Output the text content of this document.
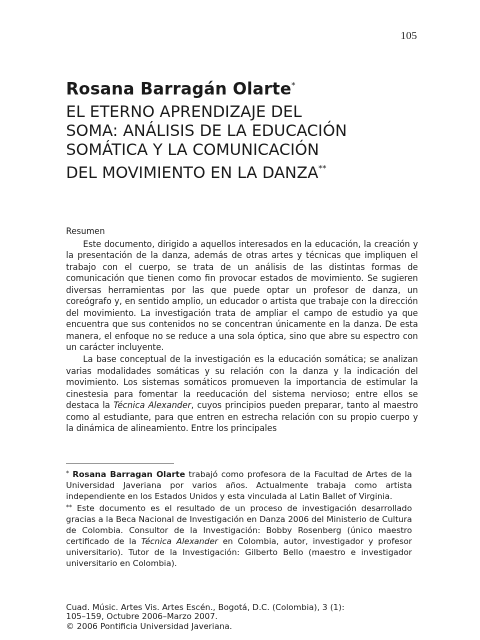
105
Rosana Barragán Olarte*
EL ETERNO APRENDIZAJE DEL
SOMA: ANÁLISIS DE LA EDUCACIÓN
SOMÁTICA Y LA COMUNICACIÓN
DEL MOVIMIENTO EN LA DANZA**
Resumen

Este documento, dirigido a aquellos interesados en la educación, la creación y la presentación de la danza, además de otras artes y técnicas que impliquen el trabajo con el cuerpo, se trata de un análisis de las distintas formas de comunicación que tienen como fin provocar estados de movimiento. Se sugieren diversas herramientas por las que puede optar un profesor de danza, un coreógrafo y, en sentido amplio, un educador o artista que trabaje con la dirección del movimiento. La investigación trata de ampliar el campo de estudio ya que encuentra que sus contenidos no se concentran únicamente en la danza. De esta manera, el enfoque no se reduce a una sola óptica, sino que abre su espectro con un carácter incluyente.

La base conceptual de la investigación es la educación somática; se analizan varias modalidades somáticas y su relación con la danza y la indicación del movimiento. Los sistemas somáticos promueven la importancia de estimular la cinestesia para fomentar la reeducación del sistema nervioso; entre ellos se destaca la Técnica Alexander, cuyos principios pueden preparar, tanto al maestro como al estudiante, para que entren en estrecha relación con su propio cuerpo y la dinámica de alineamiento. Entre los principales

* Rosana Barragan Olarte trabajó como profesora de la Facultad de Artes de la Universidad Javeriana por varios años. Actualmente trabaja como artista independiente en los Estados Unidos y esta vinculada al Latin Ballet of Virginia.

** Este documento es el resultado de un proceso de investigación desarrollado gracias a la Beca Nacional de Investigación en Danza 2006 del Ministerio de Cultura de Colombia. Consultor de la Investigación: Bobby Rosenberg (único maestro certificado de la Técnica Alexander en Colombia, autor, investigador y profesor universitario). Tutor de la Investigación: Gilberto Bello (maestro e investigador universitario en Colombia).

Cuad. Músic. Artes Vis. Artes Escén., Bogotá, D.C. (Colombia), 3 (1):
105–159, Octubre 2006–Marzo 2007.
© 2006 Pontificia Universidad Javeriana.
